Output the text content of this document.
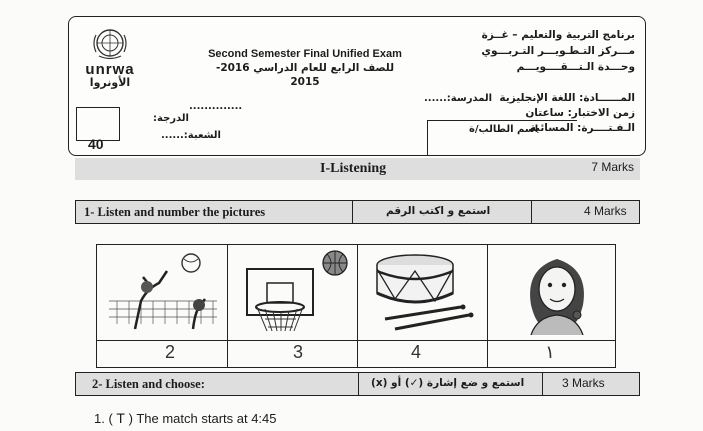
unrwa
الأونروا
40
Second Semester Final Unified Exam
للصف الرابع للعام الدراسي 2016-2015
برنامج التربية والتعليم – غــزة
مـــركز التـطـويـــر التـربـــوي
وحـــدة الـتـــقــــويـــم
المــــــادة: اللغة الإنجليزية
زمن الاختبار: ساعتان
الـفـتــــرة: المسائية
المدرسة:......
اسم الطالب/ة
..............
الدرجة:
الشعبة:......
I-Listening	7 Marks
1- Listen and number the pictures	استمع و اكتب الرقم	4 Marks
2	3	4	١
2- Listen and choose:	استمع و ضع إشارة (✓) أو (x)	3 Marks
1. ( T ) The match starts at 4:45
